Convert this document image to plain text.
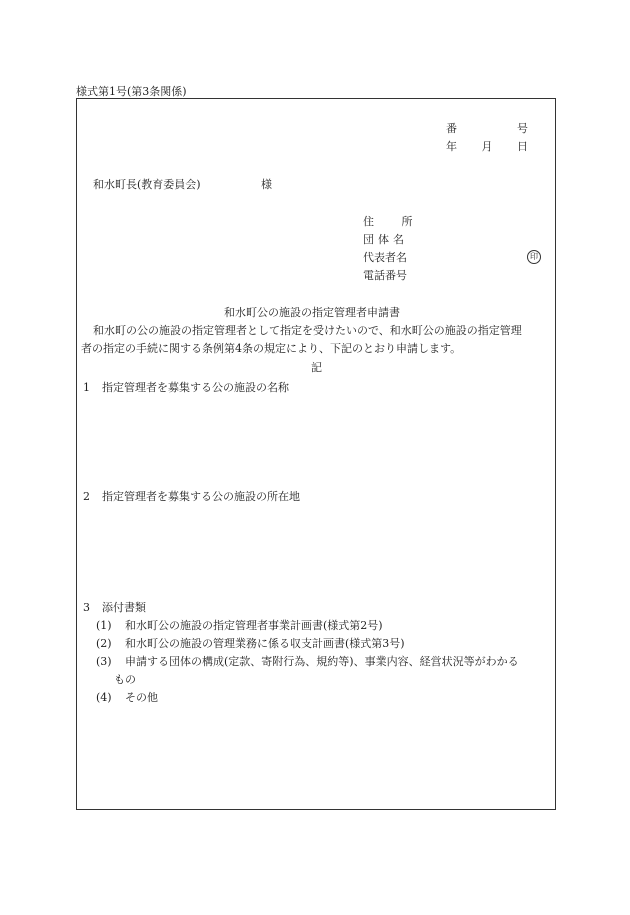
様式第1号(第3条関係)
番	号
年 月 日
和水町長(教育委員会)	様
住 所
団体名
代表者名	印
電話番号
和水町公の施設の指定管理者申請書
和水町の公の施設の指定管理者として指定を受けたいので、和水町公の施設の指定管理
者の指定の手続に関する条例第4条の規定により、下記のとおり申請します。
記
1 指定管理者を募集する公の施設の名称
2 指定管理者を募集する公の施設の所在地
3 添付書類
(1) 和水町公の施設の指定管理者事業計画書(様式第2号)
(2) 和水町公の施設の管理業務に係る収支計画書(様式第3号)
(3) 申請する団体の構成(定款、寄附行為、規約等)、事業内容、経営状況等がわかる
もの
(4) その他
